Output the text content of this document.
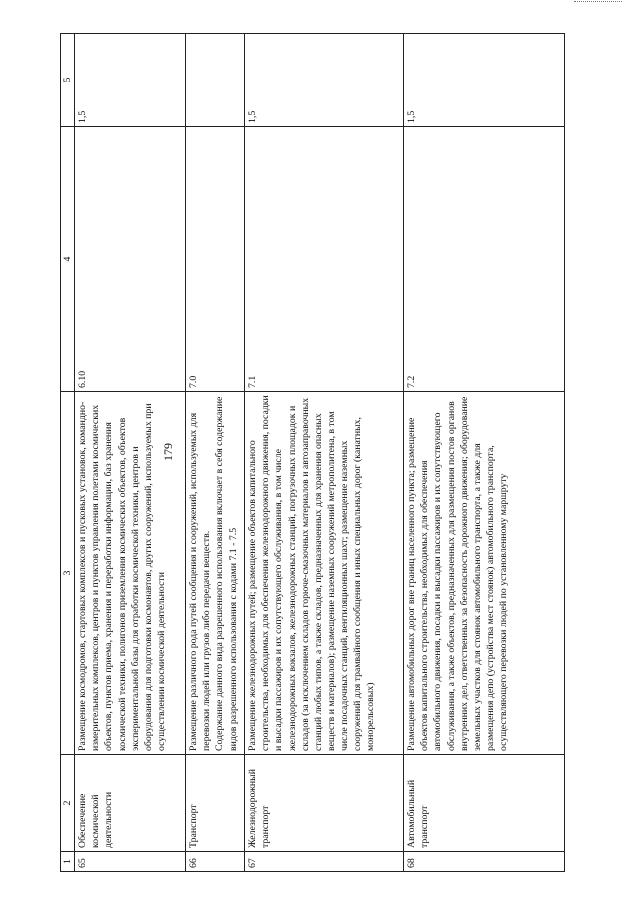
179
1	2	3	4	5
65	Обеспечение космической деятельности	Размещение космодромов, стартовых комплексов и пусковых установок, командно-измерительных комплексов, центров и пунктов управления полетами космических объектов, пунктов приема, хранения и переработки информации, баз хранения космической техники, полигонов приземления космических объектов, объектов экспериментальной базы для отработки космической техники, центров и оборудования для подготовки космонавтов, других сооружений, используемых при осуществлении космической деятельности	6.10	1,5
66	Транспорт	Размещение различного рода путей сообщения и сооружений, используемых для перевозки людей или грузов либо передачи веществ. Содержание данного вида разрешенного использования включает в себя содержание видов разрешенного использования с кодами 7.1 - 7.5	7.0	
67	Железнодорожный транспорт	Размещение железнодорожных путей; размещение объектов капитального строительства, необходимых для обеспечения железнодорожного движения, посадки и высадки пассажиров и их сопутствующего обслуживания, в том числе железнодорожных вокзалов, железнодорожных станций, погрузочных площадок и складов (за исключением складов горюче-смазочных материалов и автозаправочных станций любых типов, а также складов, предназначенных для хранения опасных веществ и материалов); размещение наземных сооружений метрополитена, в том числе посадочных станций, вентиляционных шахт; размещение наземных сооружений для трамвайного сообщения и иных специальных дорог (канатных, монорельсовых)	7.1	1,5
68	Автомобильный транспорт	Размещение автомобильных дорог вне границ населенного пункта; размещение объектов капитального строительства, необходимых для обеспечения автомобильного движения, посадки и высадки пассажиров и их сопутствующего обслуживания, а также объектов, предназначенных для размещения постов органов внутренних дел, ответственных за безопасность дорожного движения; оборудование земельных участков для стоянок автомобильного транспорта, а также для размещения депо (устройства мест стоянок) автомобильного транспорта, осуществляющего перевозки людей по установленному маршруту	7.2	1,5
